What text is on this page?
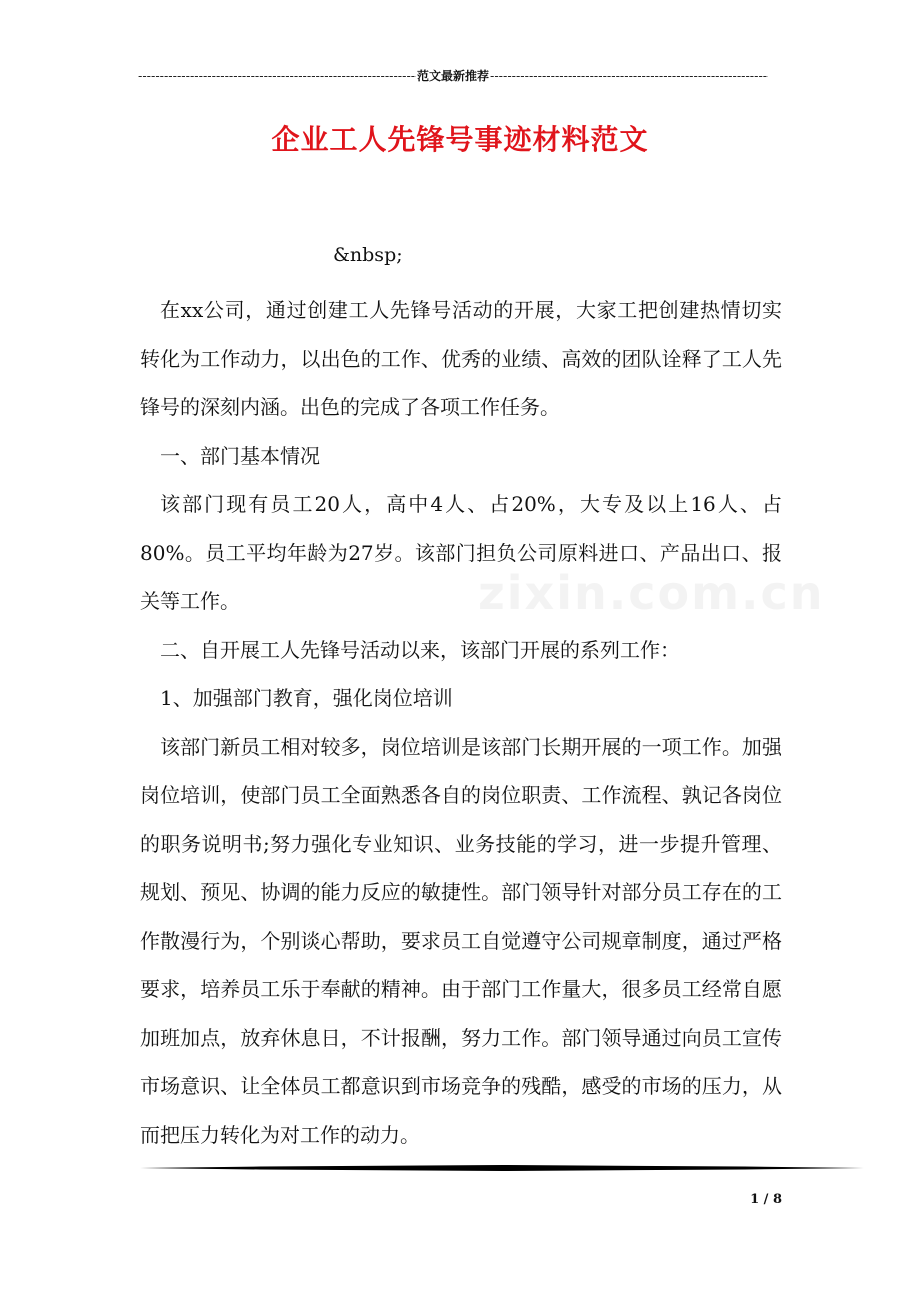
-----
范文最新推荐
-----
企业工人先锋号事迹材料范文
&nbsp;

在xx公司，通过创建工人先锋号活动的开展，大家工把创建热情切实转化为工作动力，以出色的工作、优秀的业绩、高效的团队诠释了工人先锋号的深刻内涵。出色的完成了各项工作任务。

一、部门基本情况

该部门现有员工20人，高中4人、占20%，大专及以上16人、占80%。员工平均年龄为27岁。该部门担负公司原料进口、产品出口、报关等工作。

二、自开展工人先锋号活动以来，该部门开展的系列工作：

1、加强部门教育，强化岗位培训

该部门新员工相对较多，岗位培训是该部门长期开展的一项工作。加强岗位培训，使部门员工全面熟悉各自的岗位职责、工作流程、孰记各岗位的职务说明书;努力强化专业知识、业务技能的学习，进一步提升管理、规划、预见、协调的能力反应的敏捷性。部门领导针对部分员工存在的工作散漫行为，个别谈心帮助，要求员工自觉遵守公司规章制度，通过严格要求，培养员工乐于奉献的精神。由于部门工作量大，很多员工经常自愿加班加点，放弃休息日，不计报酬，努力工作。部门领导通过向员工宣传市场意识、让全体员工都意识到市场竞争的残酷，感受的市场的压力，从而把压力转化为对工作的动力。

zixin.com.cn
1 / 8
